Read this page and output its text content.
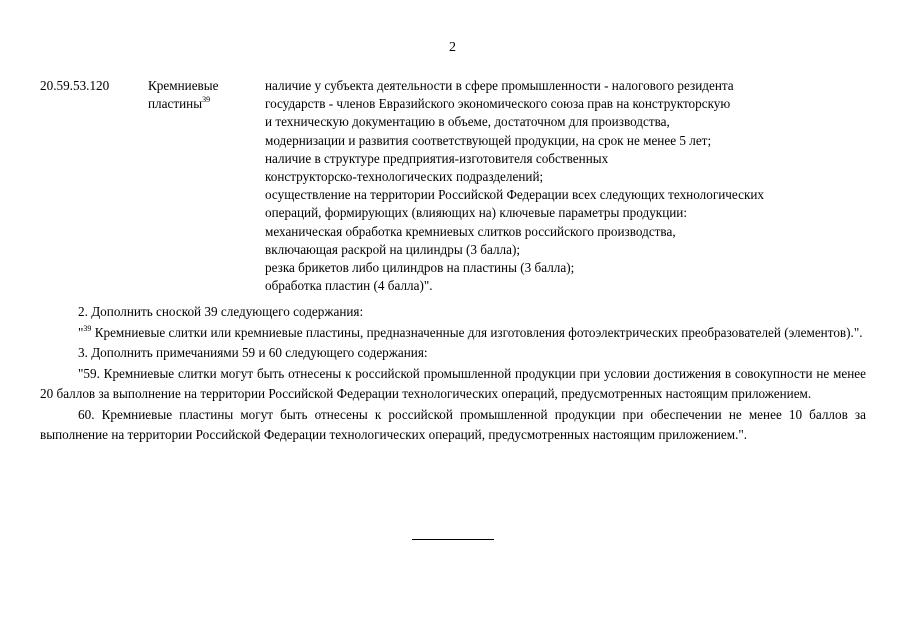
2
20.59.53.120	Кремниевые
пластины$^{39}$
наличие у субъекта деятельности в сфере промышленности - налогового резидента
государств - членов Евразийского экономического союза прав на конструкторскую
и техническую документацию в объеме, достаточном для производства,
модернизации и развития соответствующей продукции, на срок не менее 5 лет;
наличие в структуре предприятия-изготовителя собственных
конструкторско-технологических подразделений;
осуществление на территории Российской Федерации всех следующих технологических
операций, формирующих (влияющих на) ключевые параметры продукции:
механическая обработка кремниевых слитков российского производства,
включающая раскрой на цилиндры (3 балла);
резка брикетов либо цилиндров на пластины (3 балла);
обработка пластин (4 балла)".

2. Дополнить сноской 39 следующего содержания:

"$^{39}$ Кремниевые слитки или кремниевые пластины, предназначенные для изготовления фотоэлектрических преобразователей (элементов).".

3. Дополнить примечаниями 59 и 60 следующего содержания:

"59. Кремниевые слитки могут быть отнесены к российской промышленной продукции при условии достижения в совокупности не менее 20 баллов за выполнение на территории Российской Федерации технологических операций, предусмотренных настоящим приложением.

60. Кремниевые пластины могут быть отнесены к российской промышленной продукции при обеспечении не менее 10 баллов за выполнение на территории Российской Федерации технологических операций, предусмотренных настоящим приложением.".
